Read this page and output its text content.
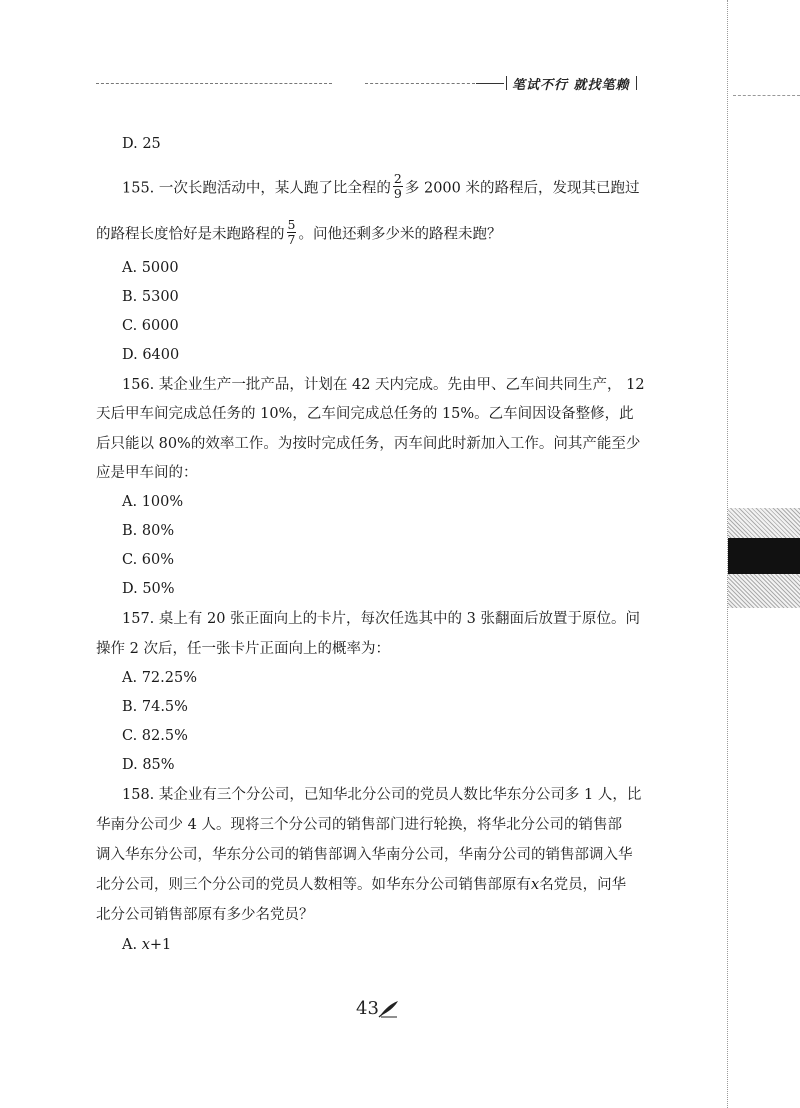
笔试不行 就找笔赖
D. 25
155. 一次长跑活动中，某人跑了比全程的 $\frac{2}{9}$ 多 2000 米的路程后，发现其已跑过
的路程长度恰好是未跑路程的 $\frac{5}{7}$ 。问他还剩多少米的路程未跑？
A. 5000
B. 5300
C. 6000
D. 6400
156. 某企业生产一批产品，计划在 42 天内完成。先由甲、乙车间共同生产， 12
天后甲车间完成总任务的 10%，乙车间完成总任务的 15%。乙车间因设备整修，此
后只能以 80%的效率工作。为按时完成任务，丙车间此时新加入工作。问其产能至少
应是甲车间的：
A. 100%
B. 80%
C. 60%
D. 50%
157. 桌上有 20 张正面向上的卡片，每次任选其中的 3 张翻面后放置于原位。问
操作 2 次后，任一张卡片正面向上的概率为：
A. 72.25%
B. 74.5%
C. 82.5%
D. 85%
158. 某企业有三个分公司，已知华北分公司的党员人数比华东分公司多 1 人，比
华南分公司少 4 人。现将三个分公司的销售部门进行轮换，将华北分公司的销售部
调入华东分公司，华东分公司的销售部调入华南分公司，华南分公司的销售部调入华
北分公司，则三个分公司的党员人数相等。如华东分公司销售部原有x名党员，问华
北分公司销售部原有多少名党员？
A. x+1
43
